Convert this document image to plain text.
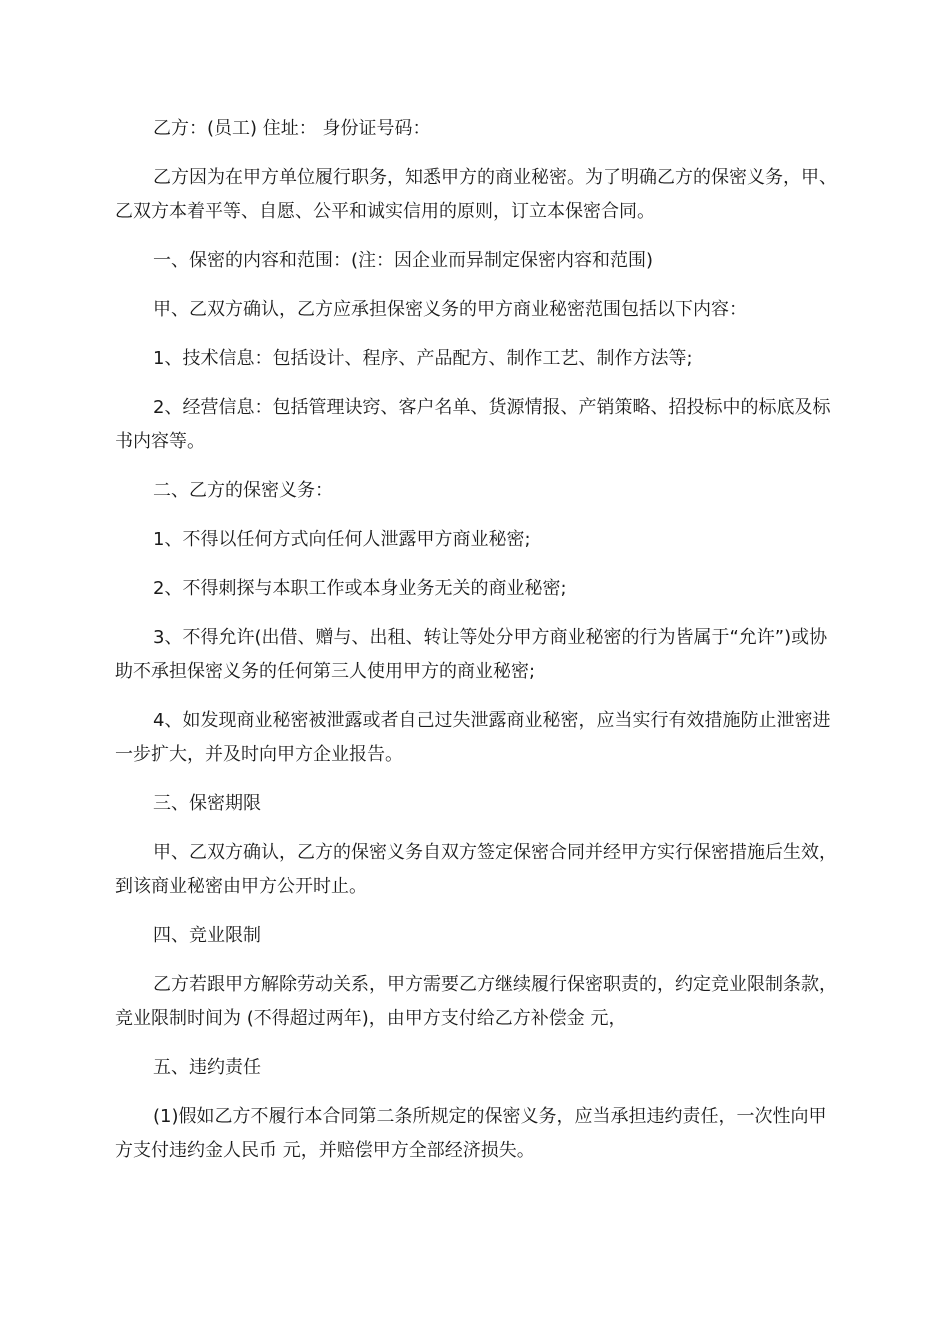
乙方：(员工) 住址： 身份证号码：

乙方因为在甲方单位履行职务，知悉甲方的商业秘密。为了明确乙方的保密义务，甲、乙双方本着平等、自愿、公平和诚实信用的原则，订立本保密合同。

一、保密的内容和范围：(注：因企业而异制定保密内容和范围)

甲、乙双方确认，乙方应承担保密义务的甲方商业秘密范围包括以下内容：

1、技术信息：包括设计、程序、产品配方、制作工艺、制作方法等;

2、经营信息：包括管理诀窍、客户名单、货源情报、产销策略、招投标中的标底及标书内容等。

二、乙方的保密义务：

1、不得以任何方式向任何人泄露甲方商业秘密;

2、不得刺探与本职工作或本身业务无关的商业秘密;

3、不得允许(出借、赠与、出租、转让等处分甲方商业秘密的行为皆属于“允许”)或协助不承担保密义务的任何第三人使用甲方的商业秘密;

4、如发现商业秘密被泄露或者自己过失泄露商业秘密，应当实行有效措施防止泄密进一步扩大，并及时向甲方企业报告。

三、保密期限

甲、乙双方确认，乙方的保密义务自双方签定保密合同并经甲方实行保密措施后生效，到该商业秘密由甲方公开时止。

四、竞业限制

乙方若跟甲方解除劳动关系，甲方需要乙方继续履行保密职责的，约定竞业限制条款，竞业限制时间为 (不得超过两年)，由甲方支付给乙方补偿金 元，

五、违约责任

(1)假如乙方不履行本合同第二条所规定的保密义务，应当承担违约责任，一次性向甲方支付违约金人民币 元，并赔偿甲方全部经济损失。
